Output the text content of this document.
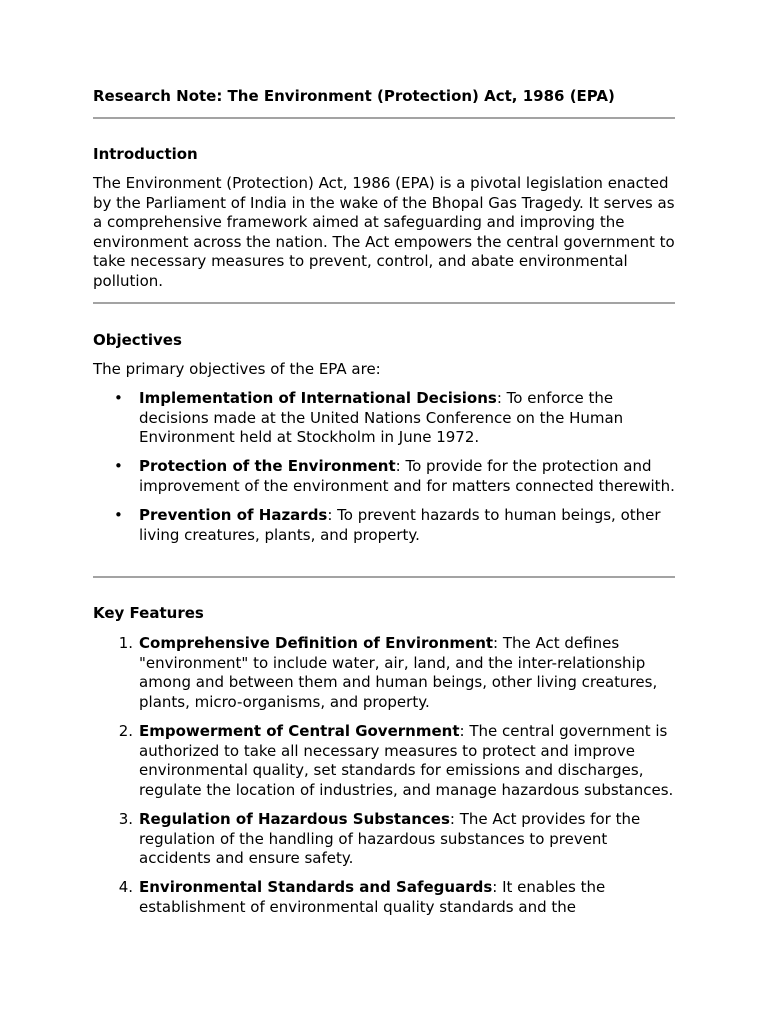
Research Note: The Environment (Protection) Act, 1986 (EPA)
Introduction

The Environment (Protection) Act, 1986 (EPA) is a pivotal legislation enacted by the Parliament of India in the wake of the Bhopal Gas Tragedy. It serves as a comprehensive framework aimed at safeguarding and improving the environment across the nation. The Act empowers the central government to take necessary measures to prevent, control, and abate environmental pollution.

Objectives

The primary objectives of the EPA are:

• Implementation of International Decisions: To enforce the decisions made at the United Nations Conference on the Human Environment held at Stockholm in June 1972.
• Protection of the Environment: To provide for the protection and improvement of the environment and for matters connected therewith.
• Prevention of Hazards: To prevent hazards to human beings, other living creatures, plants, and property.
Key Features
1. Comprehensive Definition of Environment: The Act defines "environment" to include water, air, land, and the inter-relationship among and between them and human beings, other living creatures, plants, micro-organisms, and property.
2. Empowerment of Central Government: The central government is authorized to take all necessary measures to protect and improve environmental quality, set standards for emissions and discharges, regulate the location of industries, and manage hazardous substances.
3. Regulation of Hazardous Substances: The Act provides for the regulation of the handling of hazardous substances to prevent accidents and ensure safety.
4. Environmental Standards and Safeguards: It enables the establishment of environmental quality standards and the
